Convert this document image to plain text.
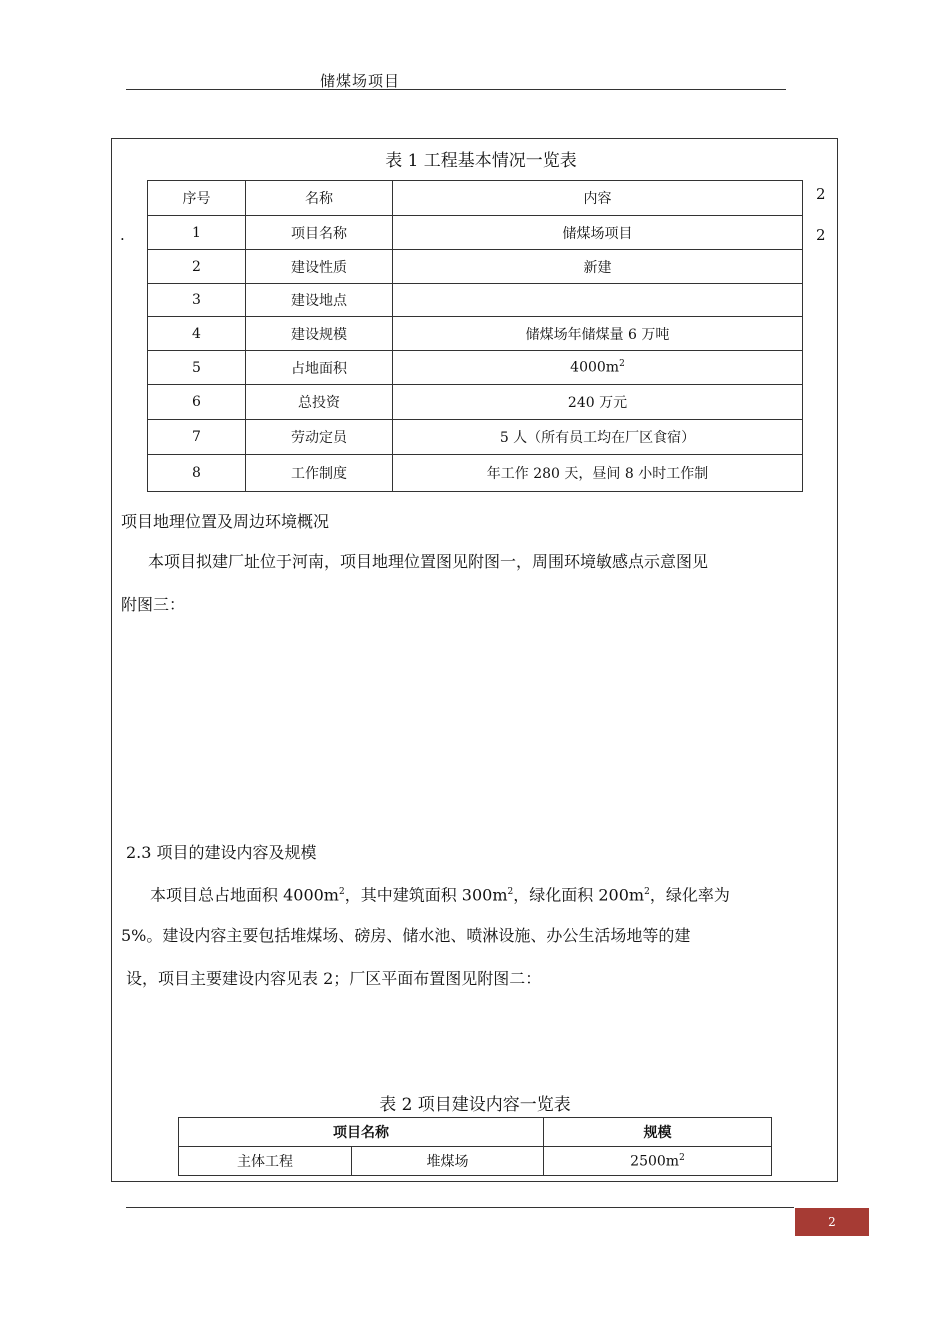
储煤场项目
表 1 工程基本情况一览表
序号	名称	内容
1	项目名称	储煤场项目
2	建设性质	新建
3	建设地点	
4	建设规模	储煤场年储煤量 6 万吨
5	占地面积	$4000m^2$
6	总投资	240 万元
7	劳动定员	5 人（所有员工均在厂区食宿）
8	工作制度	年工作 280 天，昼间 8 小时工作制
2
2
.
项目地理位置及周边环境概况
本项目拟建厂址位于河南，项目地理位置图见附图一，周围环境敏感点示意图见
附图三：
2.3 项目的建设内容及规模
本项目总占地面积 $4000m^2$，其中建筑面积 $300m^2$，绿化面积 $200m^2$，绿化率为
5%。建设内容主要包括堆煤场、磅房、储水池、喷淋设施、办公生活场地等的建
设，项目主要建设内容见表 2；厂区平面布置图见附图二：
表 2 项目建设内容一览表
项目名称		规模
主体工程	堆煤场	$2500m^2$
2
